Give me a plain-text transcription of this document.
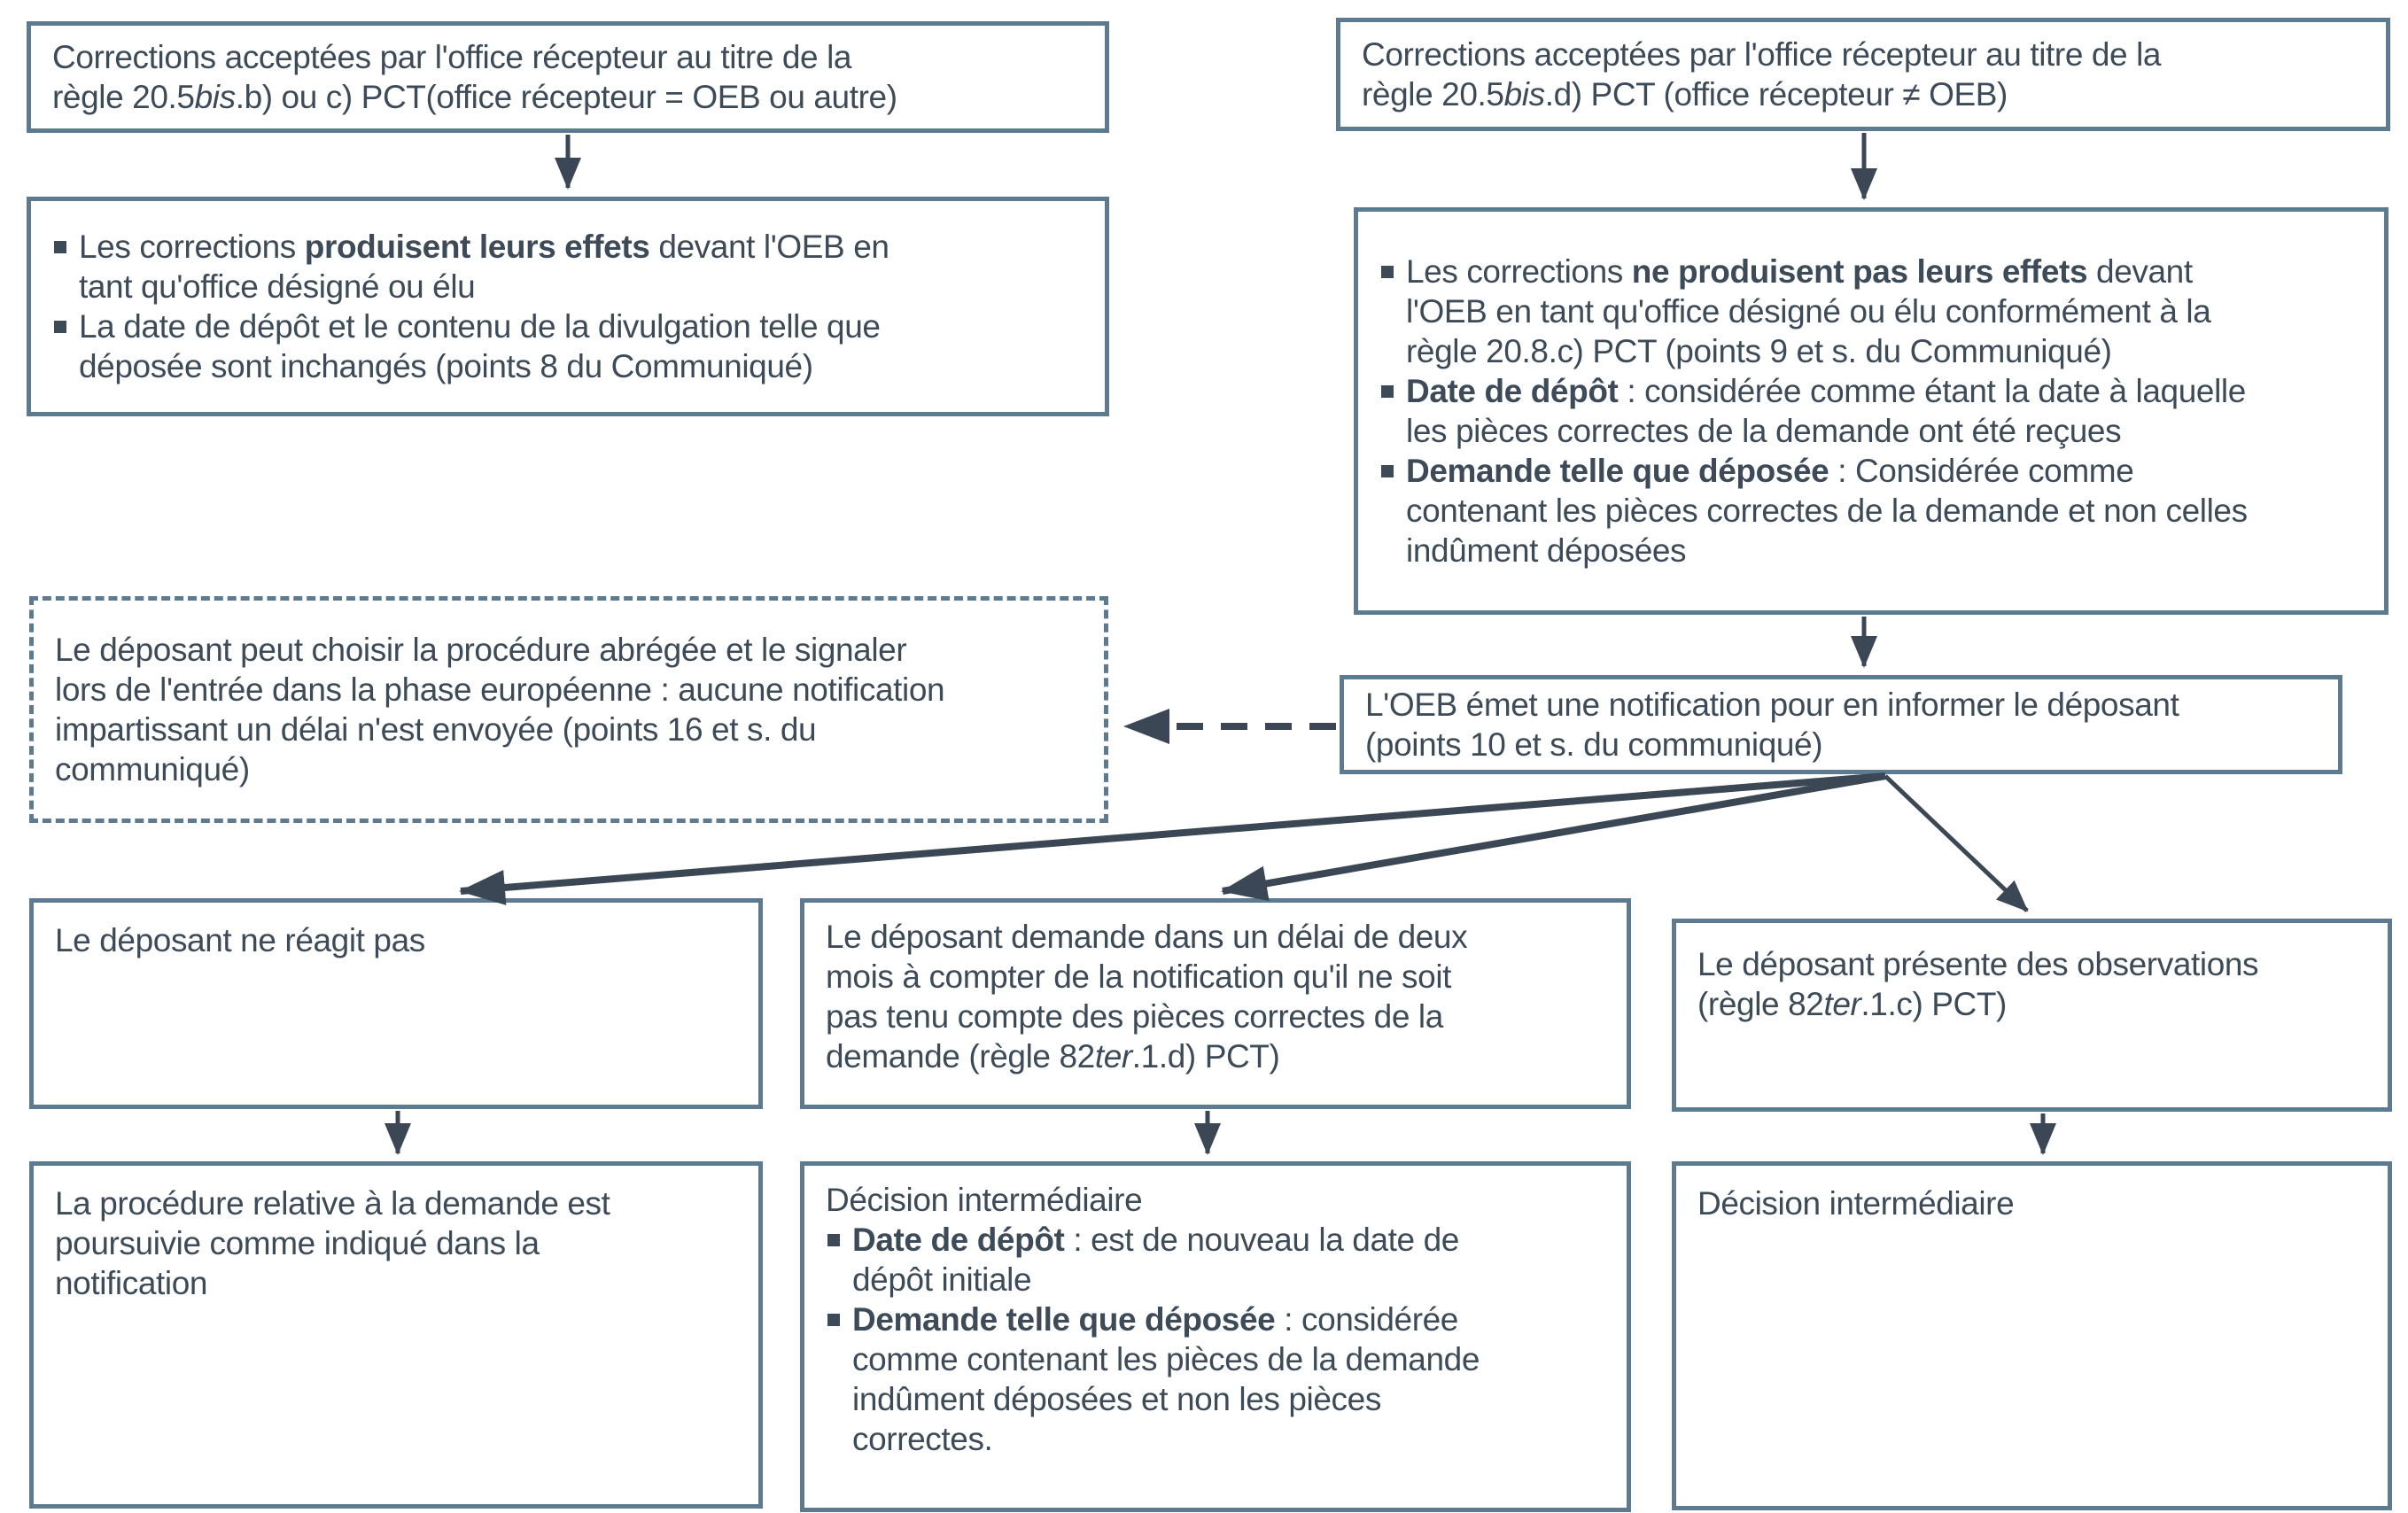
Corrections acceptées par l'office récepteur au titre de la
règle 20.5bis.b) ou c) PCT(office récepteur = OEB ou autre)
Corrections acceptées par l'office récepteur au titre de la
règle 20.5bis.d) PCT (office récepteur ≠ OEB)
Les corrections produisent leurs effets devant l'OEB en
tant qu'office désigné ou élu
La date de dépôt et le contenu de la divulgation telle que
déposée sont inchangés (points 8 du Communiqué)
Les corrections ne produisent pas leurs effets devant
l'OEB en tant qu'office désigné ou élu conformément à la
règle 20.8.c) PCT (points 9 et s. du Communiqué)
Date de dépôt : considérée comme étant la date à laquelle
les pièces correctes de la demande ont été reçues
Demande telle que déposée : Considérée comme
contenant les pièces correctes de la demande et non celles
indûment déposées
Le déposant peut choisir la procédure abrégée et le signaler
lors de l'entrée dans la phase européenne : aucune notification
impartissant un délai n'est envoyée (points 16 et s. du
communiqué)
L'OEB émet une notification pour en informer le déposant
(points 10 et s. du communiqué)
Le déposant ne réagit pas	Le déposant demande dans un délai de deux
mois à compter de la notification qu'il ne soit
pas tenu compte des pièces correctes de la
demande (règle 82ter.1.d) PCT)
Le déposant présente des observations
(règle 82ter.1.c) PCT)
La procédure relative à la demande est
poursuivie comme indiqué dans la
notification
Décision intermédiaire
Date de dépôt : est de nouveau la date de
dépôt initiale
Demande telle que déposée : considérée
comme contenant les pièces de la demande
indûment déposées et non les pièces
correctes.
Décision intermédiaire
